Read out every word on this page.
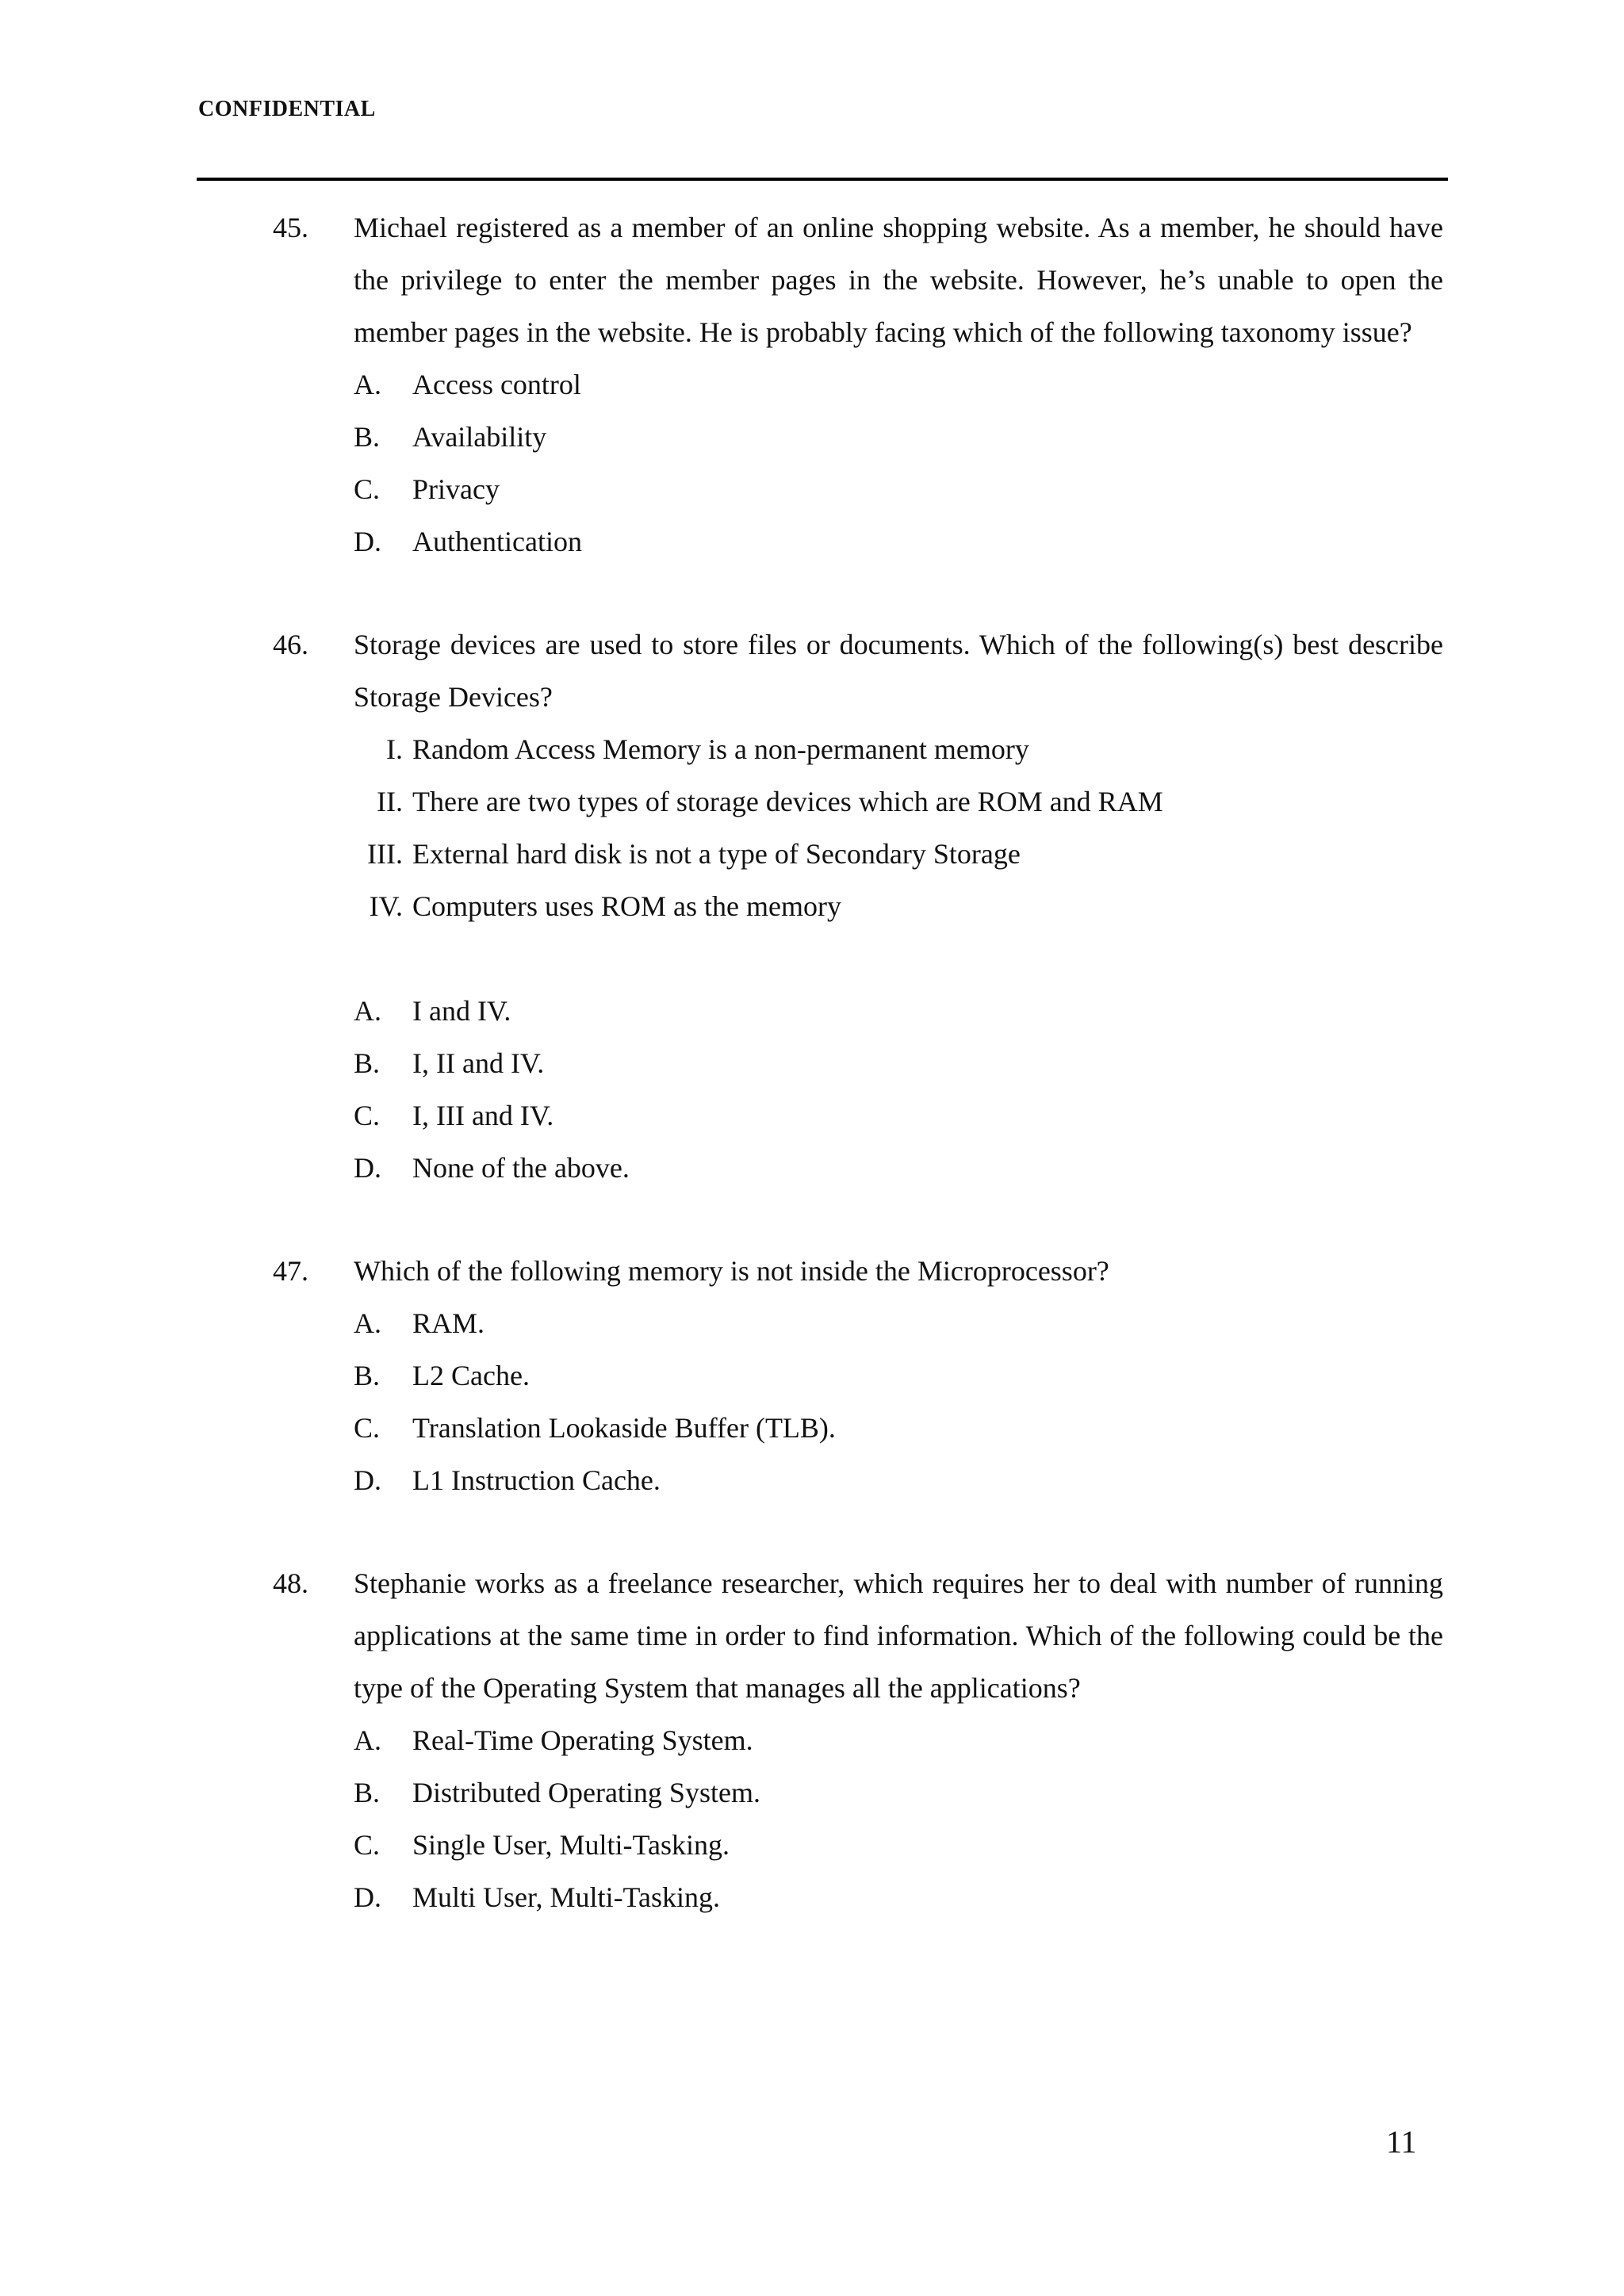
CONFIDENTIAL
45. Michael registered as a member of an online shopping website. As a member, he should have the privilege to enter the member pages in the website. However, he’s unable to open the member pages in the website. He is probably facing which of the following taxonomy issue?
A. Access control
B. Availability
C. Privacy
D. Authentication
46. Storage devices are used to store files or documents. Which of the following(s) best describe Storage Devices?
I. Random Access Memory is a non-permanent memory
II. There are two types of storage devices which are ROM and RAM
III. External hard disk is not a type of Secondary Storage
IV. Computers uses ROM as the memory
A. I and IV.
B. I, II and IV.
C. I, III and IV.
D. None of the above.
47. Which of the following memory is not inside the Microprocessor?
A. RAM.
B. L2 Cache.
C. Translation Lookaside Buffer (TLB).
D. L1 Instruction Cache.
48. Stephanie works as a freelance researcher, which requires her to deal with number of running applications at the same time in order to find information. Which of the following could be the type of the Operating System that manages all the applications?
A. Real-Time Operating System.
B. Distributed Operating System.
C. Single User, Multi-Tasking.
D. Multi User, Multi-Tasking.
11
